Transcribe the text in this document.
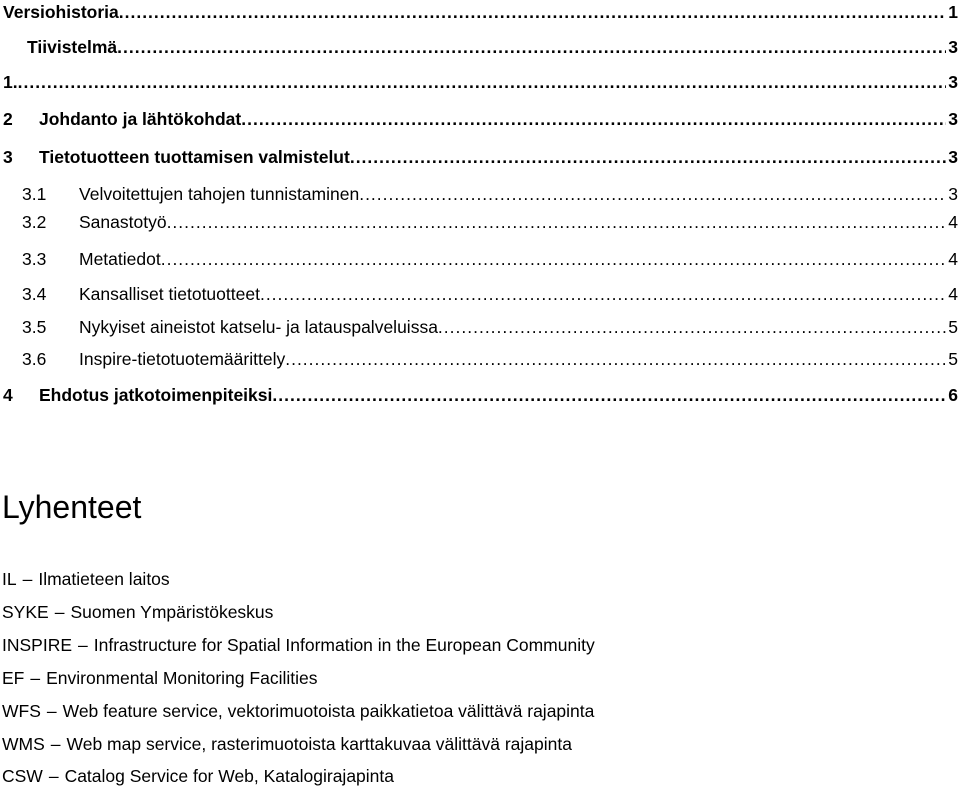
Versiohistoria .....	1
Tiivistelmä .....	3
1. .....	3
2	Johdanto ja lähtökohdat .....	3
3	Tietotuotteen tuottamisen valmistelut .....	3
3.1	Velvoitettujen tahojen tunnistaminen .....	3
3.2	Sanastotyö .....	4
3.3	Metatiedot .....	4
3.4	Kansalliset tietotuotteet .....	4
3.5	Nykyiset aineistot katselu- ja latauspalveluissa .....	5
3.6	Inspire-tietotuotemäärittely .....	5
4	Ehdotus jatkotoimenpiteiksi .....	6
Lyhenteet
IL – Ilmatieteen laitos
SYKE – Suomen Ympäristökeskus
INSPIRE – Infrastructure for Spatial Information in the European Community
EF – Environmental Monitoring Facilities
WFS – Web feature service, vektorimuotoista paikkatietoa välittävä rajapinta
WMS – Web map service, rasterimuotoista karttakuvaa välittävä rajapinta
CSW – Catalog Service for Web, Katalogirajapinta
